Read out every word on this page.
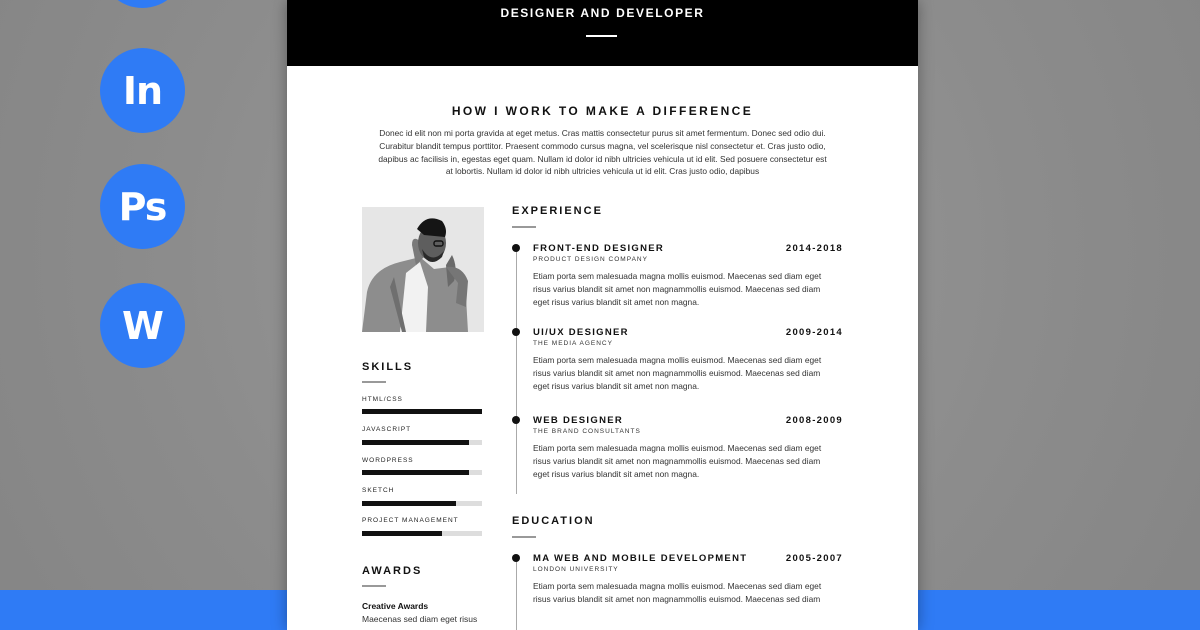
In
Ps
W
DESIGNER AND DEVELOPER
HOW I WORK TO MAKE A DIFFERENCE
Donec id elit non mi porta gravida at eget metus. Cras mattis consectetur purus sit amet fermentum. Donec sed odio dui.
Curabitur blandit tempus porttitor. Praesent commodo cursus magna, vel scelerisque nisl consectetur et. Cras justo odio,
dapibus ac facilisis in, egestas eget quam. Nullam id dolor id nibh ultricies vehicula ut id elit. Sed posuere consectetur est
at lobortis. Nullam id dolor id nibh ultricies vehicula ut id elit. Cras justo odio, dapibus
SKILLS
HTML/CSS
JAVASCRIPT
WORDPRESS
SKETCH
PROJECT MANAGEMENT
AWARDS
Creative Awards
Maecenas sed diam eget risus
EXPERIENCE
FRONT-END DESIGNER	2014-2018
PRODUCT DESIGN COMPANY
Etiam porta sem malesuada magna mollis euismod. Maecenas sed diam eget
risus varius blandit sit amet non magnammollis euismod. Maecenas sed diam
eget risus varius blandit sit amet non magna.
UI/UX DESIGNER	2009-2014
THE MEDIA AGENCY
Etiam porta sem malesuada magna mollis euismod. Maecenas sed diam eget
risus varius blandit sit amet non magnammollis euismod. Maecenas sed diam
eget risus varius blandit sit amet non magna.
WEB DESIGNER	2008-2009
THE BRAND CONSULTANTS
Etiam porta sem malesuada magna mollis euismod. Maecenas sed diam eget
risus varius blandit sit amet non magnammollis euismod. Maecenas sed diam
eget risus varius blandit sit amet non magna.
EDUCATION
MA WEB AND MOBILE DEVELOPMENT	2005-2007
LONDON UNIVERSITY
Etiam porta sem malesuada magna mollis euismod. Maecenas sed diam eget
risus varius blandit sit amet non magnammollis euismod. Maecenas sed diam
